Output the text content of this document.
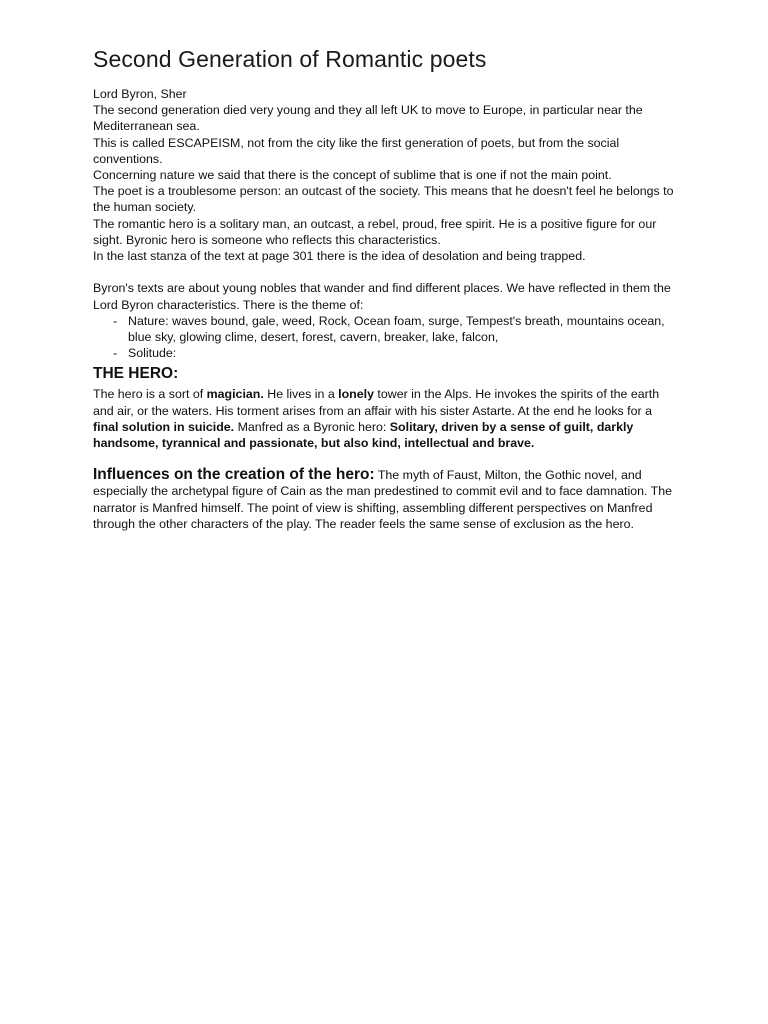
Second Generation of Romantic poets

Lord Byron, Sher

The second generation died very young and they all left UK to move to Europe, in particular near the Mediterranean sea.

This is called ESCAPEISM, not from the city like the first generation of poets, but from the social conventions.

Concerning nature we said that there is the concept of sublime that is one if not the main point.

The poet is a troublesome person: an outcast of the society. This means that he doesn't feel he belongs to the human society.

The romantic hero is a solitary man, an outcast, a rebel, proud, free spirit. He is a positive figure for our sight. Byronic hero is someone who reflects this characteristics.

In the last stanza of the text at page 301 there is the idea of desolation and being trapped.

Byron's texts are about young nobles that wander and find different places. We have reflected in them the Lord Byron characteristics. There is the theme of:

- Nature: waves bound, gale, weed, Rock, Ocean foam, surge, Tempest's breath, mountains ocean, blue sky, glowing clime, desert, forest, cavern, breaker, lake, falcon,
- Solitude:
THE HERO:

The hero is a sort of magician. He lives in a lonely tower in the Alps. He invokes the spirits of the earth and air, or the waters. His torment arises from an affair with his sister Astarte. At the end he looks for a final solution in suicide. Manfred as a Byronic hero: Solitary, driven by a sense of guilt, darkly handsome, tyrannical and passionate, but also kind, intellectual and brave.

Influences on the creation of the hero: The myth of Faust, Milton, the Gothic novel, and especially the archetypal figure of Cain as the man predestined to commit evil and to face damnation. The narrator is Manfred himself. The point of view is shifting, assembling different perspectives on Manfred through the other characters of the play. The reader feels the same sense of exclusion as the hero.
